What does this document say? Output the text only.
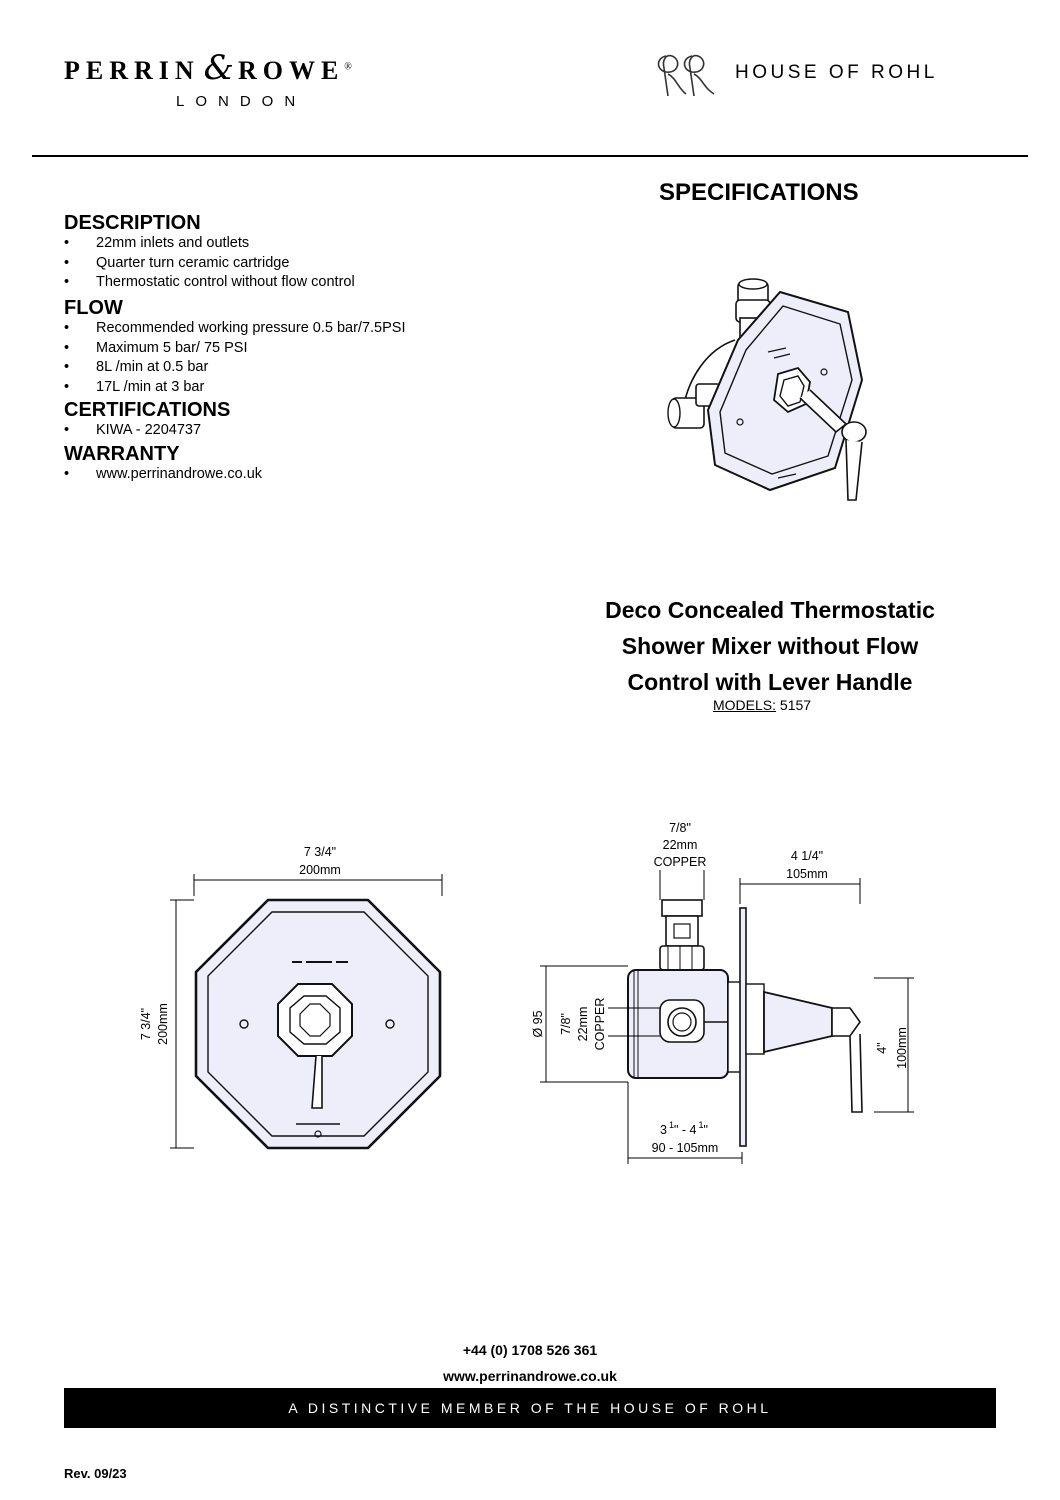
PERRIN & ROWE®
LONDON
HOUSE OF ROHL
SPECIFICATIONS
DESCRIPTION
• 22mm inlets and outlets
• Quarter turn ceramic cartridge
• Thermostatic control without flow control
FLOW
• Recommended working pressure 0.5 bar/7.5PSI
• Maximum 5 bar/ 75 PSI
• 8L /min at 0.5 bar
• 17L /min at 3 bar
CERTIFICATIONS
• KIWA - 2204737
WARRANTY
• www.perrinandrowe.co.uk
Deco Concealed Thermostatic
Shower Mixer without Flow
Control with Lever Handle
MODELS: 5157
7 3/4"
200mm
7 3/4" 200mm
7/8"
22mm
COPPER	4 1/4"
105mm
Ø 95 7/8" 22mm COPPER
3 $^1$" - 4 $^1$"
90 - 105mm
4" 100mm
+44 (0) 1708 526 361
www.perrinandrowe.co.uk
A DISTINCTIVE MEMBER OF THE HOUSE OF ROHL
Rev. 09/23
